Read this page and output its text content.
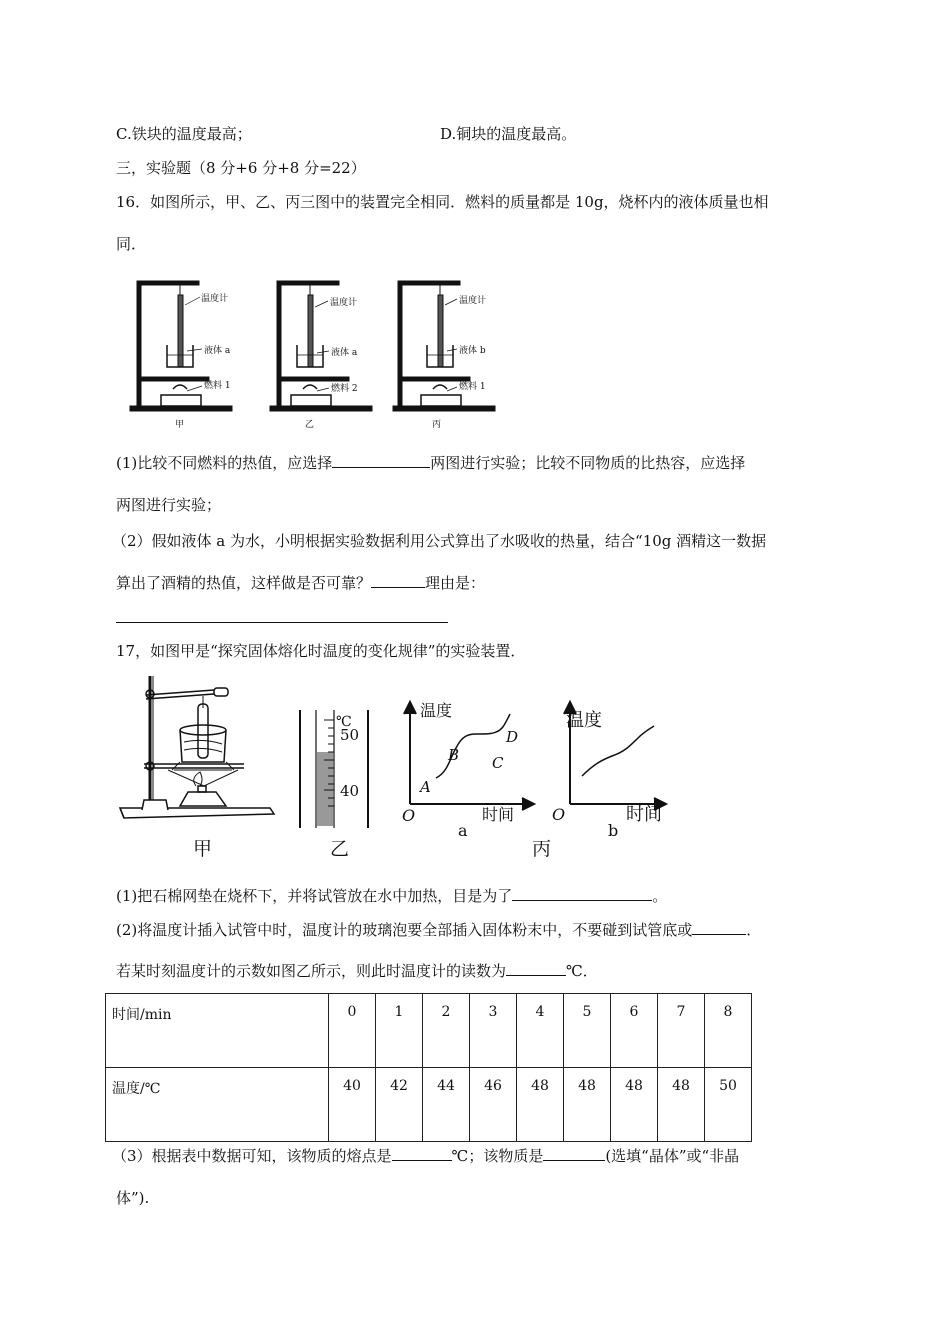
C.铁块的温度最高；	D.铜块的温度最高。
三，实验题（8 分+6 分+8 分=22）
16．如图所示，甲、乙、丙三图中的装置完全相同．燃料的质量都是 10g，烧杯内的液体质量也相
同．
温度计
液体 a
燃料 1
甲
温度计
液体 a
燃料 2
乙
温度计
液体 b
燃料 1
丙
(1)比较不同燃料的热值，应选择	两图进行实验；比较不同物质的比热容，应选择
两图进行实验；
（2）假如液体 a 为水，小明根据实验数据利用公式算出了水吸收的热量，结合“10g 酒精这一数据
算出了酒精的热值，这样做是否可靠？	理由是：
17，如图甲是“探究固体熔化时温度的变化规律”的实验装置．
甲
℃
50
40
乙
温度
时间
O
a
A
B C
D
温度
时间
O
b
丙
(1)把石棉网垫在烧杯下，并将试管放在水中加热，目是为了	。
(2)将温度计插入试管中时，温度计的玻璃泡要全部插入固体粉末中，不要碰到试管底或	．
若某时刻温度计的示数如图乙所示，则此时温度计的读数为	℃．
时间/min	0	1	2	3	4	5	6	7	8
温度/℃	40	42	44	46	48	48	48	48	50
（3）根据表中数据可知，该物质的熔点是	℃；该物质是	(选填“晶体”或“非晶
体”).
